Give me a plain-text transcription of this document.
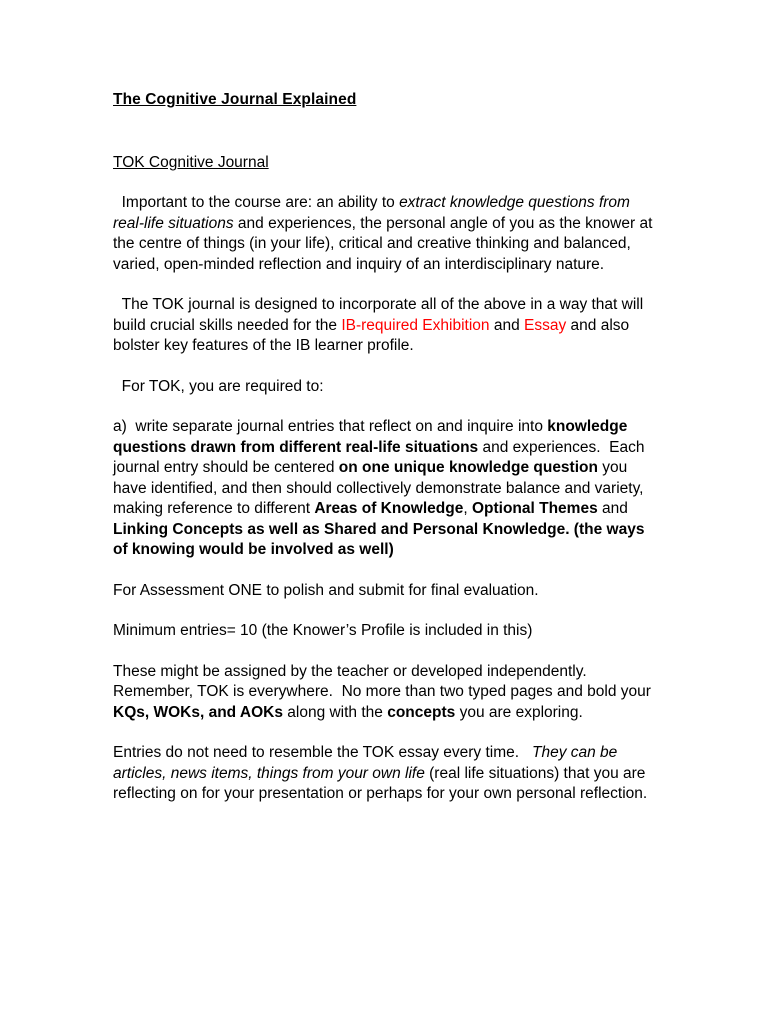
The Cognitive Journal Explained
TOK Cognitive Journal

Important to the course are: an ability to extract knowledge questions from real-life situations and experiences, the personal angle of you as the knower at the centre of things (in your life), critical and creative thinking and balanced, varied, open-minded reflection and inquiry of an interdisciplinary nature.

The TOK journal is designed to incorporate all of the above in a way that will build crucial skills needed for the IB-required Exhibition and Essay and also bolster key features of the IB learner profile.

For TOK, you are required to:

a)  write separate journal entries that reflect on and inquire into knowledge questions drawn from different real-life situations and experiences.  Each journal entry should be centered on one unique knowledge question you have identified, and then should collectively demonstrate balance and variety, making reference to different Areas of Knowledge, Optional Themes and Linking Concepts as well as Shared and Personal Knowledge. (the ways of knowing would be involved as well)

For Assessment ONE to polish and submit for final evaluation.

Minimum entries= 10 (the Knower’s Profile is included in this)

These might be assigned by the teacher or developed independently.  Remember, TOK is everywhere.  No more than two typed pages and bold your KQs, WOKs, and AOKs along with the concepts you are exploring.

Entries do not need to resemble the TOK essay every time.   They can be articles, news items, things from your own life (real life situations) that you are reflecting on for your presentation or perhaps for your own personal reflection.
